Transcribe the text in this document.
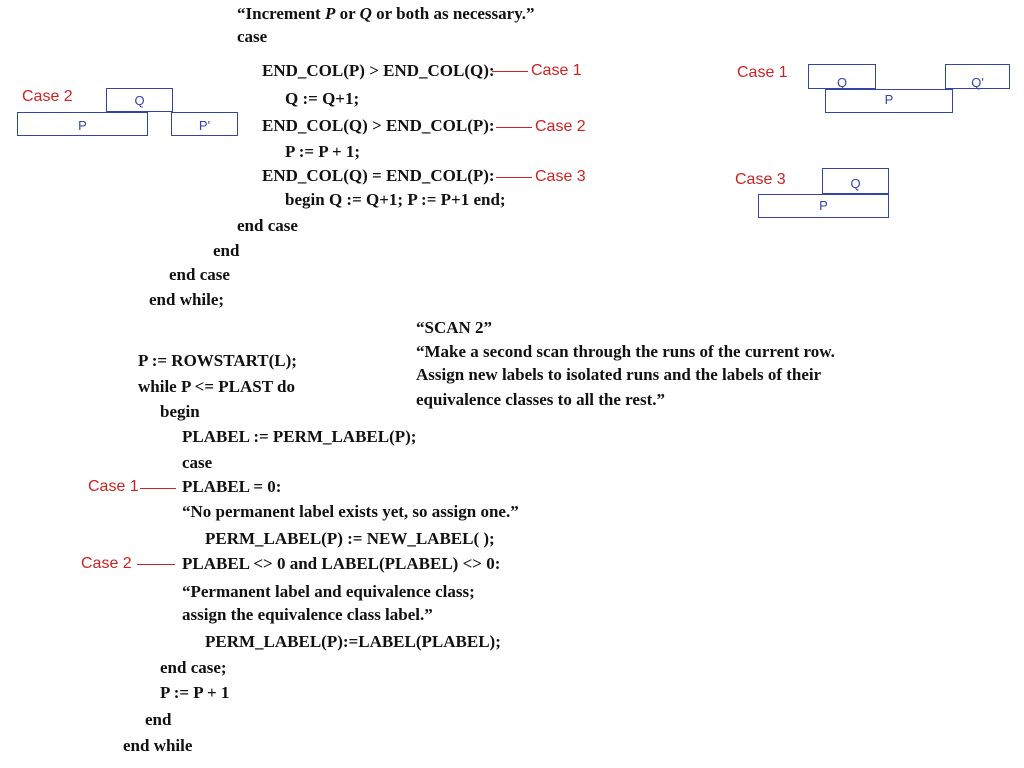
“Increment P or Q or both as necessary.”
case
END_COL(P) > END_COL(Q):
Q := Q+1;
END_COL(Q) > END_COL(P):
P := P + 1;
END_COL(Q) = END_COL(P):
begin Q := Q+1; P := P+1 end;
end case
end
end case
end while;
Case 1
Case 2
Case 3
Case 1
Q	Q'
P
Case 2	Q
P	P'
Case 3	Q
P
“SCAN 2”
“Make a second scan through the runs of the current row.
Assign new labels to isolated runs and the labels of their
equivalence classes to all the rest.”
P := ROWSTART(L);
while P <= PLAST do
begin
PLABEL := PERM_LABEL(P);
case
PLABEL = 0:
“No permanent label exists yet, so assign one.”
PERM_LABEL(P) := NEW_LABEL( );
PLABEL <> 0 and LABEL(PLABEL) <> 0:
“Permanent label and equivalence class;
assign the equivalence class label.”
PERM_LABEL(P):=LABEL(PLABEL);
end case;
P := P + 1
end
end while
Case 1
Case 2
